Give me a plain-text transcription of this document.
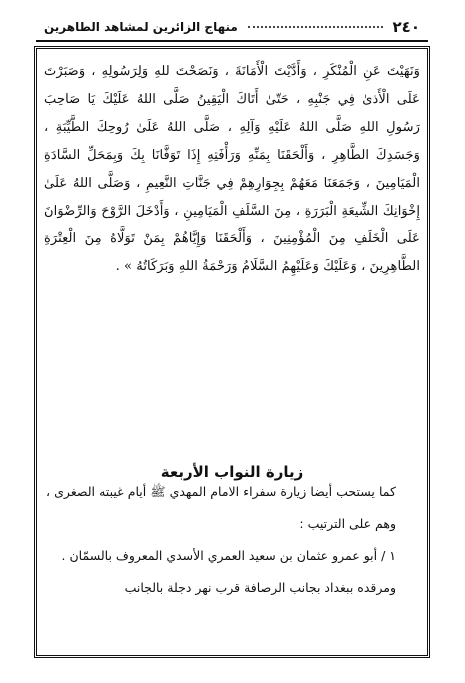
٢٤٠
منهاج الزائرين لمشاهد الطاهرين
وَنَهَيْتَ عَنِ الْمُنْكَرِ ، وَأَدَّيْتَ الْأَمَانَةَ ، وَنَصَحْتَ للهِ وَلِرَسُولِهِ ، وَصَبَرْتَ عَلَى الْأَذىٰ فِي جَنْبِهِ ، حَتّىٰ أَتَاكَ الْيَقِينُ صَلَّى اللهُ عَلَيْكَ يَا صَاحِبَ رَسُولِ اللهِ صَلَّى اللهُ عَلَيْهِ وَآلِهِ ، صَلَّى اللهُ عَلَىٰ رُوحِكَ الطَّيِّبَةِ ، وَجَسَدِكَ الطَّاهِرِ ، وَأَلْحَقَنَا بِمَنِّهِ وَرَأْفَتِهِ إِذَا تَوَفَّانَا بِكَ وَبِمَحَلِّ السَّادَةِ الْمَيَامِينَ ، وَجَمَعَنَا مَعَهُمْ بِجِوَارِهِمْ فِي جَنَّاتِ النَّعِيمِ ، وَصَلَّى اللهُ عَلَىٰ إِخْوَانِكَ الشِّيعَةِ الْبَرَرَةِ ، مِنَ السَّلَفِ الْمَيَامِينِ ، وَأَدْخَلَ الرَّوْحَ وَالرِّضْوَانَ عَلَى الْخَلَفِ مِنَ الْمُؤْمِنِينَ ، وَأَلْحَقَنَا وَإِيَّاهُمْ بِمَنْ تَوَلَّاهُ مِنَ الْعِتْرَةِ الطَّاهِرِينَ ، وَعَلَيْكَ وَعَلَيْهِمُ السَّلَامُ وَرَحْمَةُ اللهِ وَبَرَكَاتُهُ » .
زيارة النواب الأربعة

كما يستحب أيضا زيارة سفراء الامام المهدي ﷺ أيام غيبته الصغرى ، وهم على الترتيب :

١ / أبو عمرو عثمان بن سعيد العمري الأسدي المعروف بالسمّان .

ومرقده ببغداد بجانب الرصافة قرب نهر دجلة بالجانب
